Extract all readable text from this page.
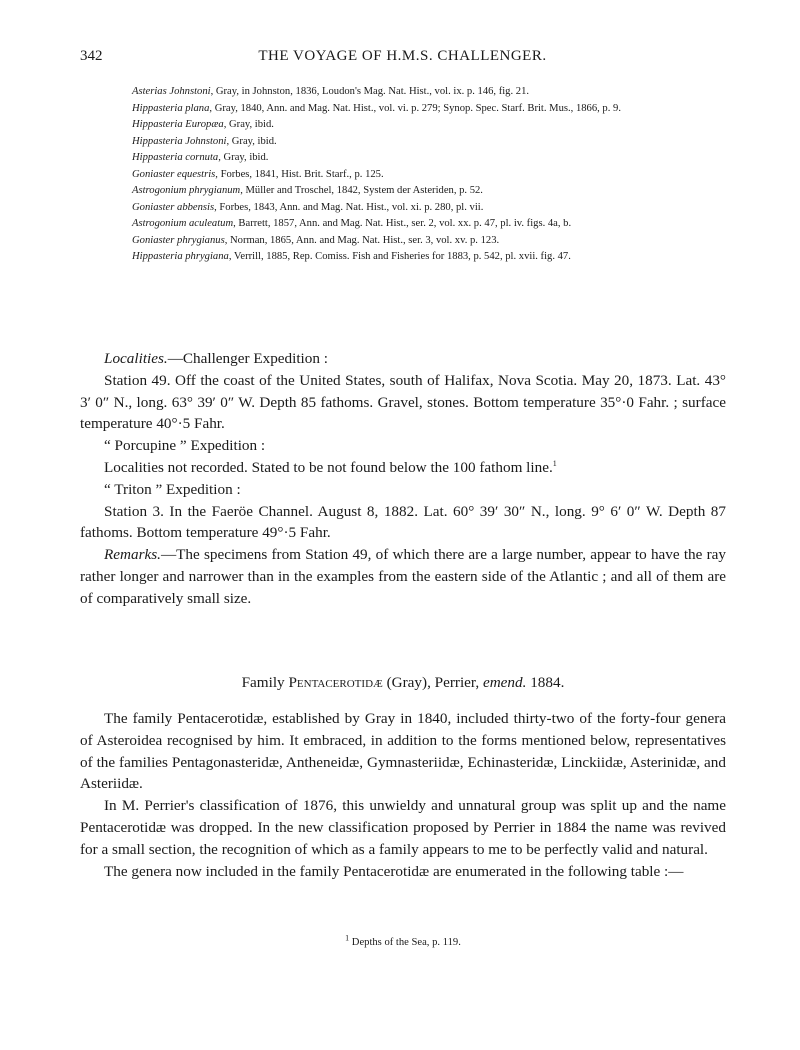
342	THE VOYAGE OF H.M.S. CHALLENGER.
Asterias Johnstoni, Gray, in Johnston, 1836, Loudon's Mag. Nat. Hist., vol. ix. p. 146, fig. 21.
Hippasteria plana, Gray, 1840, Ann. and Mag. Nat. Hist., vol. vi. p. 279; Synop. Spec. Starf. Brit. Mus., 1866, p. 9.
Hippasteria Europæa, Gray, ibid.
Hippasteria Johnstoni, Gray, ibid.
Hippasteria cornuta, Gray, ibid.
Goniaster equestris, Forbes, 1841, Hist. Brit. Starf., p. 125.
Astrogonium phrygianum, Müller and Troschel, 1842, System der Asteriden, p. 52.
Goniaster abbensis, Forbes, 1843, Ann. and Mag. Nat. Hist., vol. xi. p. 280, pl. vii.
Astrogonium aculeatum, Barrett, 1857, Ann. and Mag. Nat. Hist., ser. 2, vol. xx. p. 47, pl. iv. figs. 4a, b.
Goniaster phrygianus, Norman, 1865, Ann. and Mag. Nat. Hist., ser. 3, vol. xv. p. 123.
Hippasteria phrygiana, Verrill, 1885, Rep. Comiss. Fish and Fisheries for 1883, p. 542, pl. xvii. fig. 47.

Localities.—Challenger Expedition :

Station 49. Off the coast of the United States, south of Halifax, Nova Scotia. May 20, 1873. Lat. 43° 3′ 0″ N., long. 63° 39′ 0″ W. Depth 85 fathoms. Gravel, stones. Bottom temperature 35°·0 Fahr. ; surface temperature 40°·5 Fahr.

“ Porcupine ” Expedition :

Localities not recorded. Stated to be not found below the 100 fathom line.$^1$

“ Triton ” Expedition :

Station 3. In the Faeröe Channel. August 8, 1882. Lat. 60° 39′ 30″ N., long. 9° 6′ 0″ W. Depth 87 fathoms. Bottom temperature 49°·5 Fahr.

Remarks.—The specimens from Station 49, of which there are a large number, appear to have the ray rather longer and narrower than in the examples from the eastern side of the Atlantic ; and all of them are of comparatively small size.

Family Pentacerotidæ (Gray), Perrier, emend. 1884.

The family Pentacerotidæ, established by Gray in 1840, included thirty-two of the forty-four genera of Asteroidea recognised by him. It embraced, in addition to the forms mentioned below, representatives of the families Pentagonasteridæ, Antheneidæ, Gymnasteriidæ, Echinasteridæ, Linckiidæ, Asterinidæ, and Asteriidæ.

In M. Perrier's classification of 1876, this unwieldy and unnatural group was split up and the name Pentacerotidæ was dropped. In the new classification proposed by Perrier in 1884 the name was revived for a small section, the recognition of which as a family appears to me to be perfectly valid and natural.

The genera now included in the family Pentacerotidæ are enumerated in the following table :—

$^1$ Depths of the Sea, p. 119.
